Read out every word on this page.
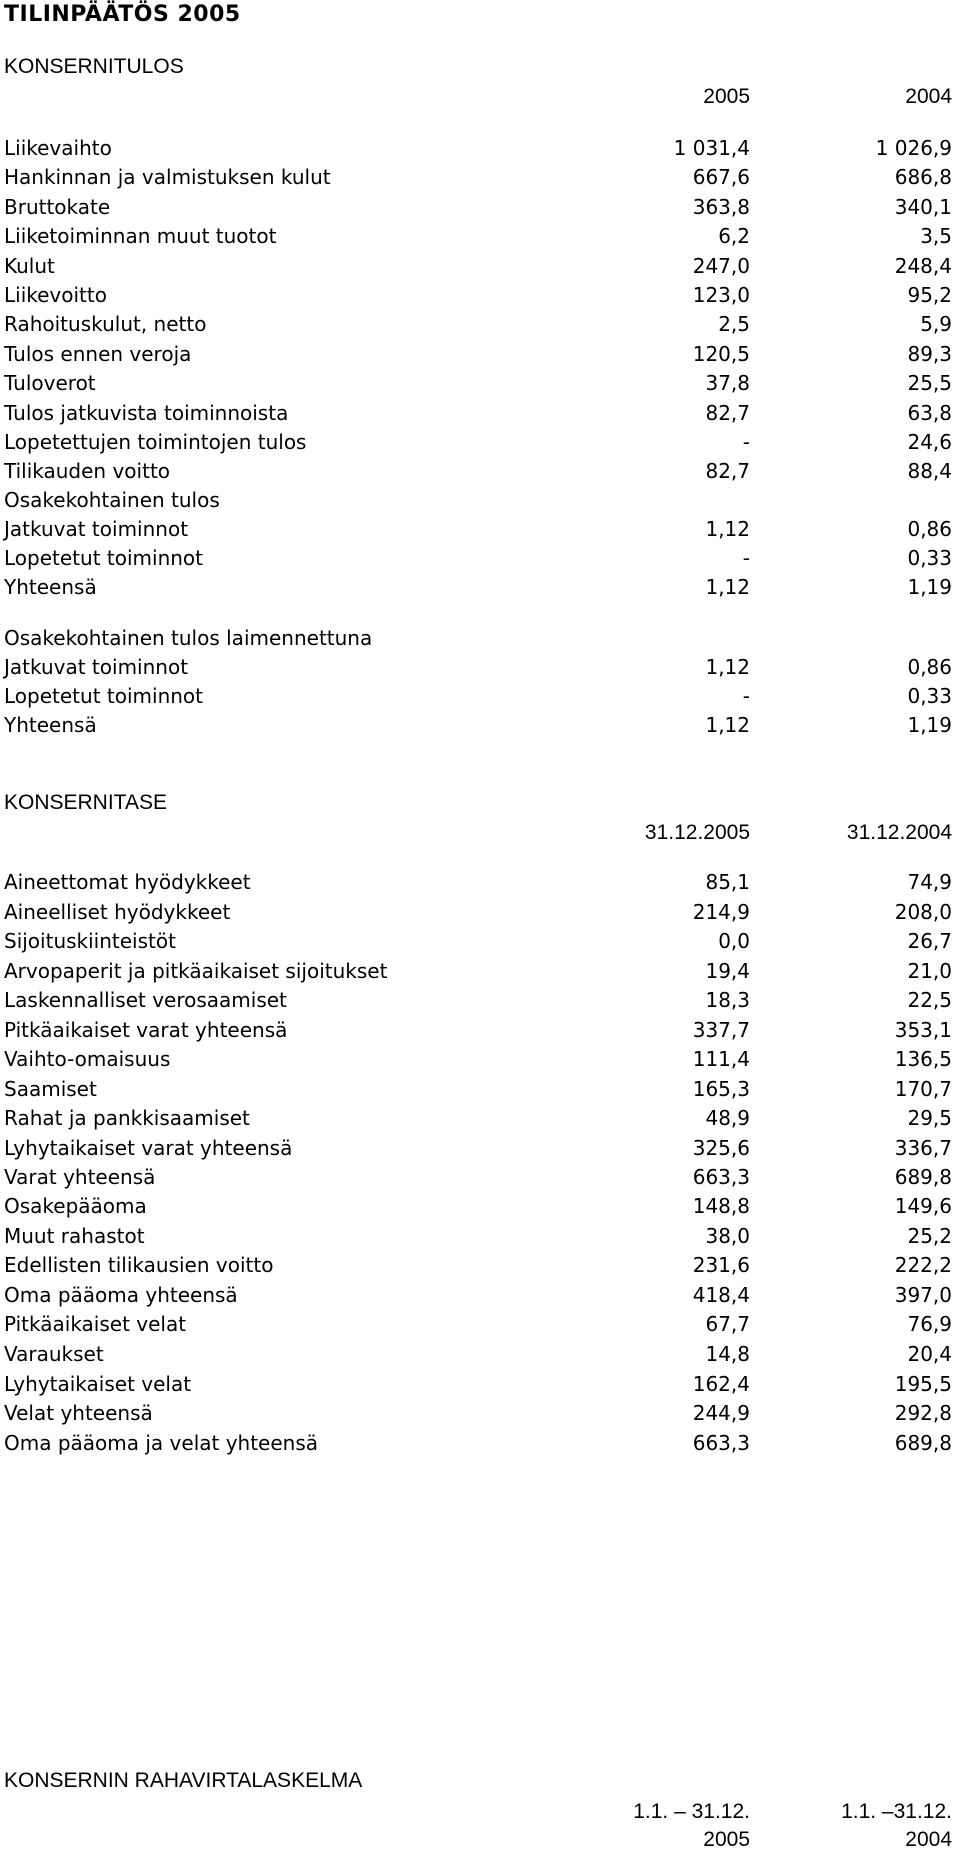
TILINPÄÄTÖS 2005
KONSERNITULOS
2005	2004
Liikevaihto	1 031,4	1 026,9
Hankinnan ja valmistuksen kulut	667,6	686,8
Bruttokate	363,8	340,1
Liiketoiminnan muut tuotot	6,2	3,5
Kulut	247,0	248,4
Liikevoitto	123,0	95,2
Rahoituskulut, netto	2,5	5,9
Tulos ennen veroja	120,5	89,3
Tuloverot	37,8	25,5
Tulos jatkuvista toiminnoista	82,7	63,8
Lopetettujen toimintojen tulos	-	24,6
Tilikauden voitto	82,7	88,4
Osakekohtainen tulos
Jatkuvat toiminnot	1,12	0,86
Lopetetut toiminnot	-	0,33
Yhteensä	1,12	1,19
Osakekohtainen tulos laimennettuna
Jatkuvat toiminnot	1,12	0,86
Lopetetut toiminnot	-	0,33
Yhteensä	1,12	1,19
KONSERNITASE
31.12.2005	31.12.2004
Aineettomat hyödykkeet	85,1	74,9
Aineelliset hyödykkeet	214,9	208,0
Sijoituskiinteistöt	0,0	26,7
Arvopaperit ja pitkäaikaiset sijoitukset	19,4	21,0
Laskennalliset verosaamiset	18,3	22,5
Pitkäaikaiset varat yhteensä	337,7	353,1
Vaihto-omaisuus	111,4	136,5
Saamiset	165,3	170,7
Rahat ja pankkisaamiset	48,9	29,5
Lyhytaikaiset varat yhteensä	325,6	336,7
Varat yhteensä	663,3	689,8
Osakepääoma	148,8	149,6
Muut rahastot	38,0	25,2
Edellisten tilikausien voitto	231,6	222,2
Oma pääoma yhteensä	418,4	397,0
Pitkäaikaiset velat	67,7	76,9
Varaukset	14,8	20,4
Lyhytaikaiset velat	162,4	195,5
Velat yhteensä	244,9	292,8
Oma pääoma ja velat yhteensä	663,3	689,8
KONSERNIN RAHAVIRTALASKELMA
1.1. – 31.12.	1.1. –31.12.
2005	2004
